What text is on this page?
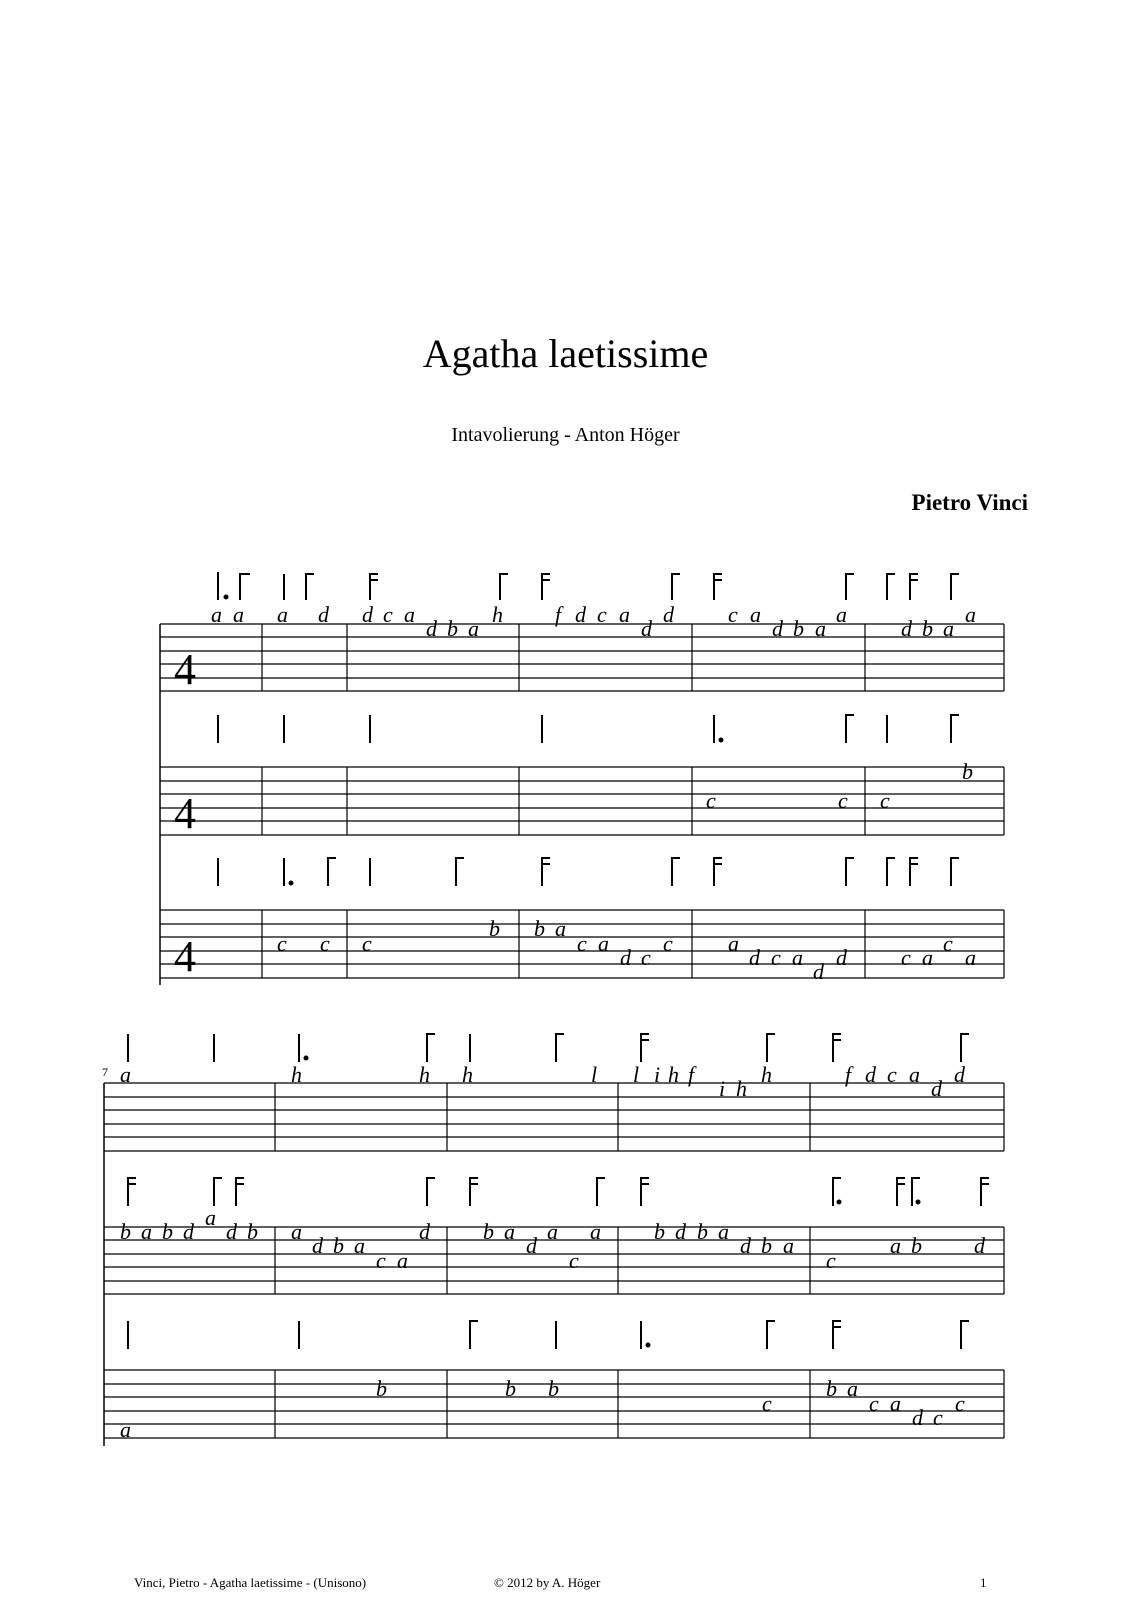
Agatha laetissime
Intavolierung - Anton Höger
Pietro Vinci
4
4
4
a a a d d c a
d b a
h f d c a
d
d c a
d b a
a
d b a
a
c	c c
b
c c c
b b a
c a
d c
c	a
d c a
d
d c a
c
a
7 a	h	h h	l l i h f
i h
h	f d c a
d
d
b a b d
a
d b a
d b a
c a
d b a
d
a a
c
b d b a
d b a
c
a b d
a
b	b b
c
b a
c a
d c
c
Vinci, Pietro - Agatha laetissime - (Unisono)	© 2012 by A. Höger	1
